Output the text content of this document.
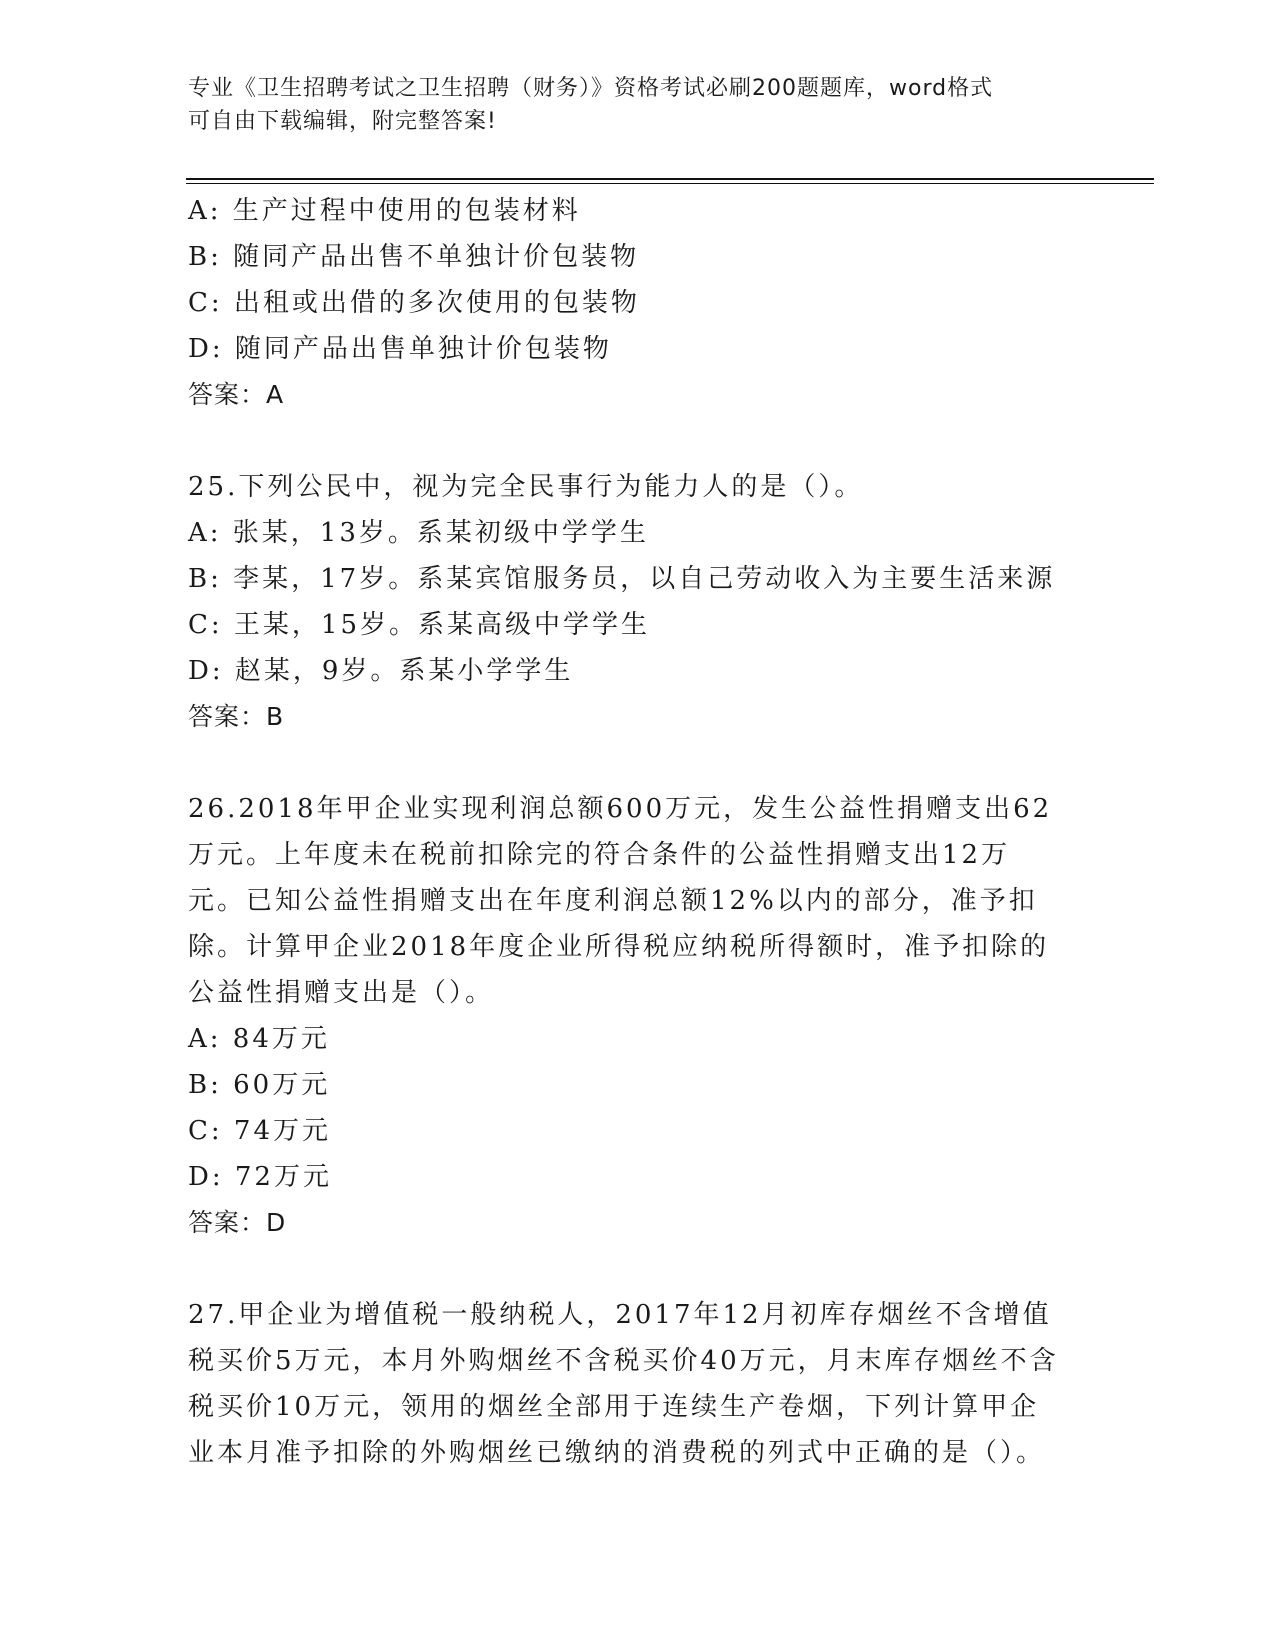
专业《卫生招聘考试之卫生招聘（财务）》资格考试必刷200题题库，word格式
可自由下载编辑，附完整答案!
A: 生产过程中使用的包装材料
B: 随同产品出售不单独计价包装物
C: 出租或出借的多次使用的包装物
D: 随同产品出售单独计价包装物
答案：A
25.下列公民中，视为完全民事行为能力人的是（）。
A: 张某，13岁。系某初级中学学生
B: 李某，17岁。系某宾馆服务员，以自己劳动收入为主要生活来源
C: 王某，15岁。系某高级中学学生
D: 赵某，9岁。系某小学学生
答案：B
26.2018年甲企业实现利润总额600万元，发生公益性捐赠支出62万元。上年度未在税前扣除完的符合条件的公益性捐赠支出12万元。已知公益性捐赠支出在年度利润总额12%以内的部分，准予扣除。计算甲企业2018年度企业所得税应纳税所得额时，准予扣除的公益性捐赠支出是（）。
A: 84万元
B: 60万元
C: 74万元
D: 72万元
答案：D
27.甲企业为增值税一般纳税人，2017年12月初库存烟丝不含增值税买价5万元，本月外购烟丝不含税买价40万元，月末库存烟丝不含税买价10万元，领用的烟丝全部用于连续生产卷烟，下列计算甲企业本月准予扣除的外购烟丝已缴纳的消费税的列式中正确的是（）。
